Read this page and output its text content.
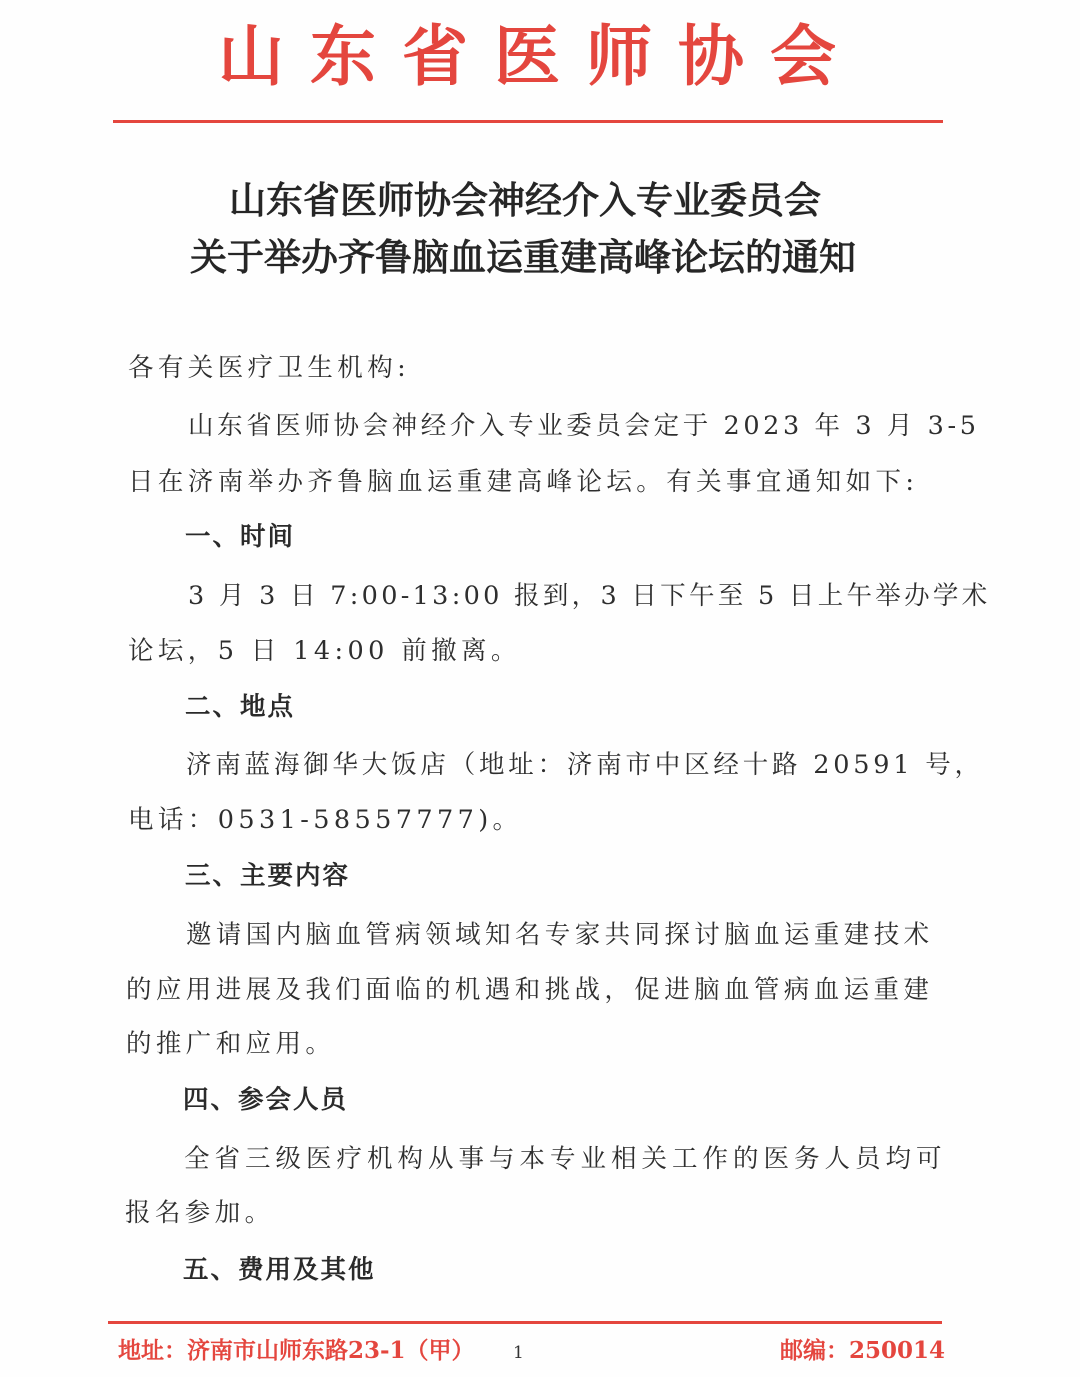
山东省医师协会
山东省医师协会神经介入专业委员会
关于举办齐鲁脑血运重建高峰论坛的通知
各有关医疗卫生机构:
山东省医师协会神经介入专业委员会定于 2023 年 3 月 3-5
日在济南举办齐鲁脑血运重建高峰论坛。有关事宜通知如下:
一、时间
3 月 3 日 7:00-13:00 报到，3 日下午至 5 日上午举办学术
论坛，5 日 14:00 前撤离。
二、地点
济南蓝海御华大饭店（地址：济南市中区经十路 20591 号，
电话：0531-58557777)。
三、主要内容
邀请国内脑血管病领域知名专家共同探讨脑血运重建技术
的应用进展及我们面临的机遇和挑战，促进脑血管病血运重建
的推广和应用。
四、参会人员
全省三级医疗机构从事与本专业相关工作的医务人员均可
报名参加。
五、费用及其他
地址：济南市山师东路23-1（甲） 1	邮编：250014
